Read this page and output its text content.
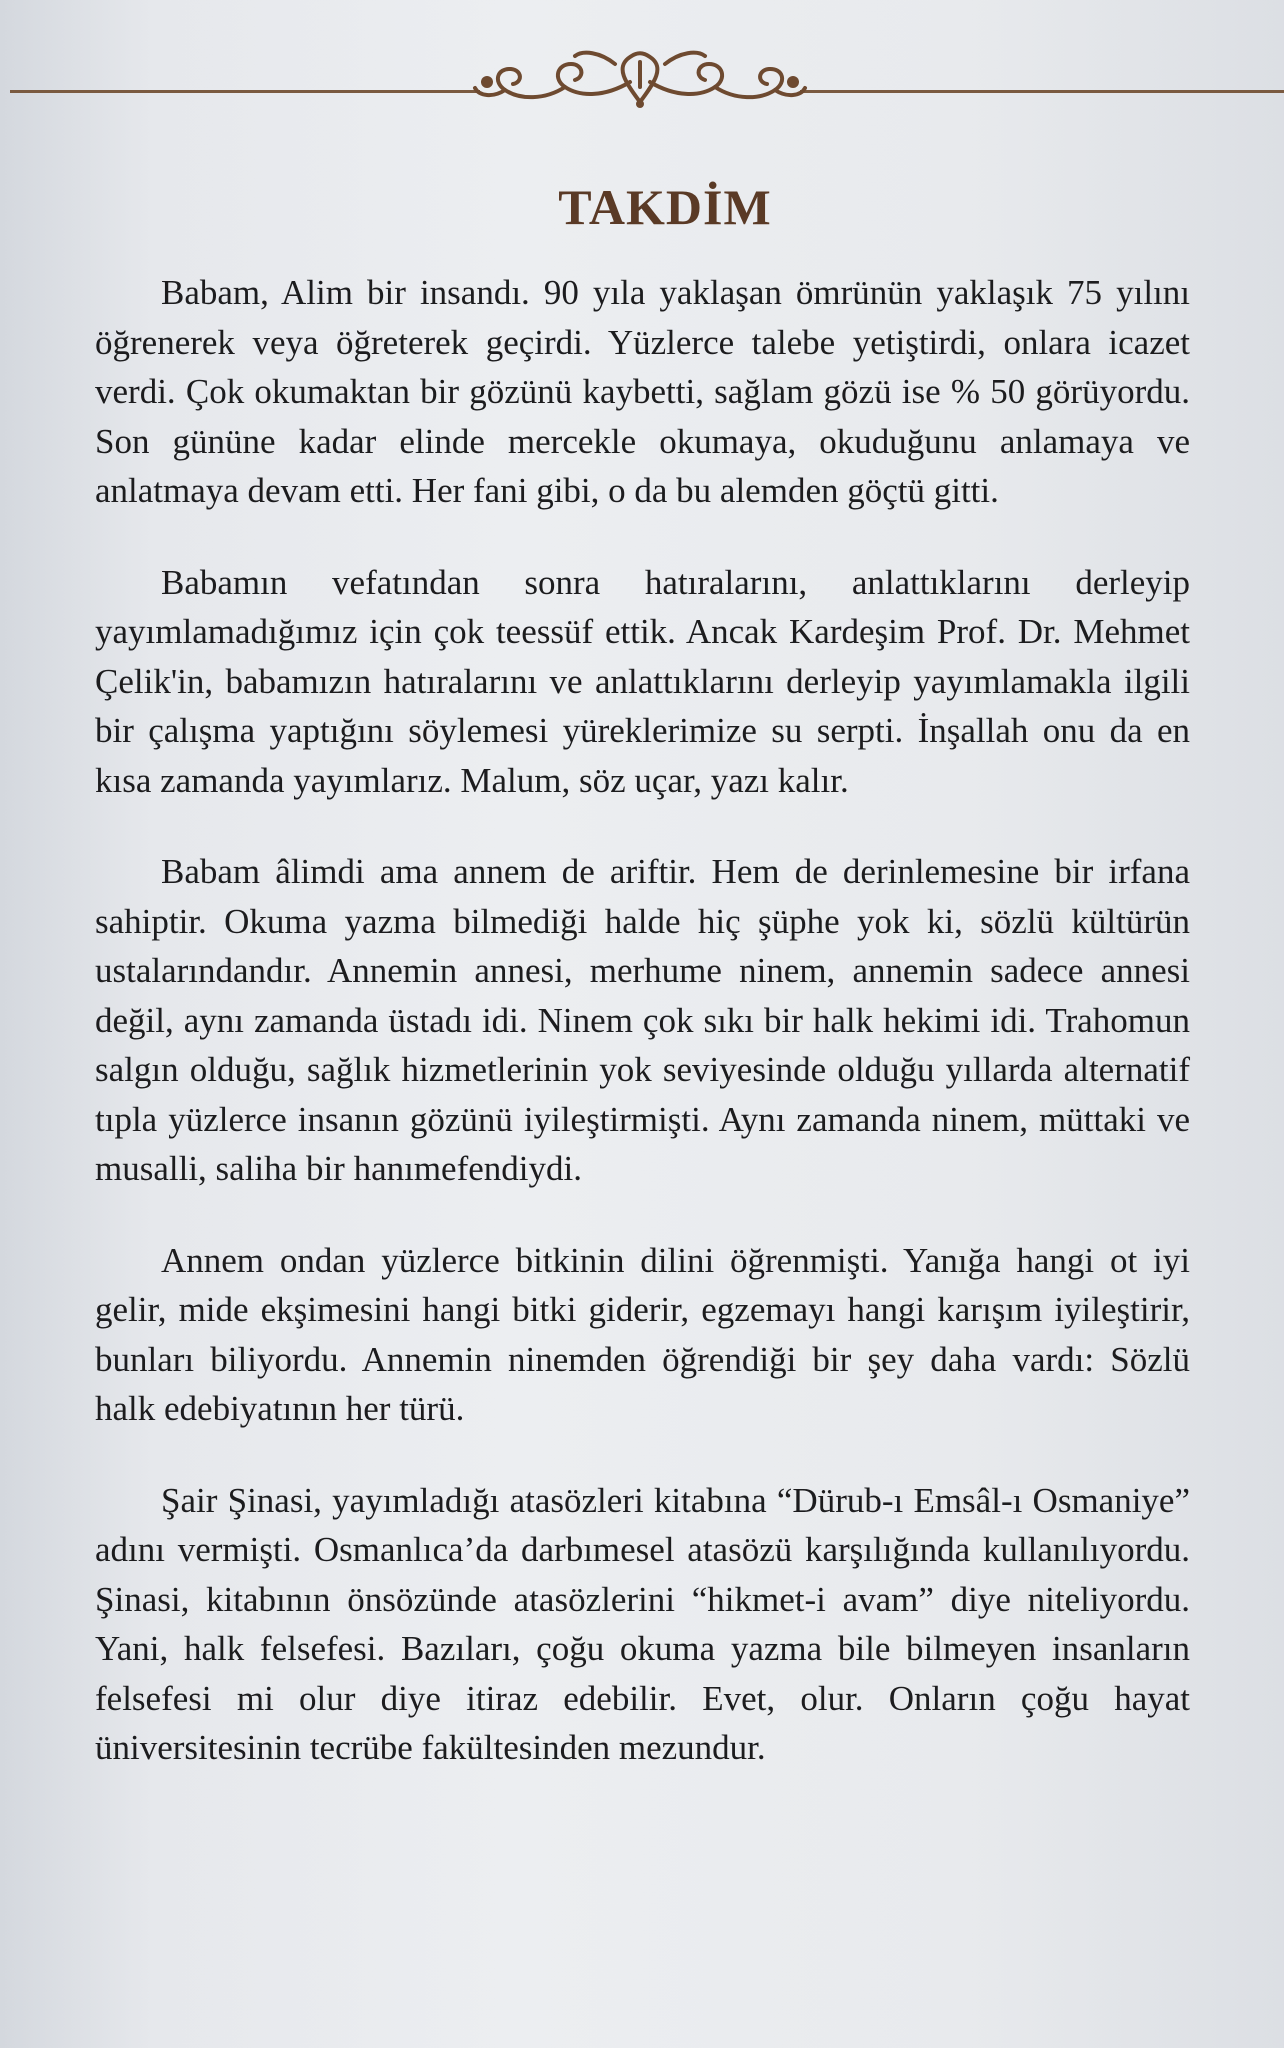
TAKDİM

Babam, Alim bir insandı. 90 yıla yaklaşan ömrünün yaklaşık 75 yılını öğrenerek veya öğreterek geçirdi. Yüzlerce talebe yetiştirdi, onlara icazet verdi. Çok okumaktan bir gözünü kaybetti, sağlam gözü ise % 50 görüyordu. Son gününe kadar elinde mercekle okumaya, okuduğunu anlamaya ve anlatmaya devam etti. Her fani gibi, o da bu alemden göçtü gitti.

Babamın vefatından sonra hatıralarını, anlattıklarını derleyip yayımlamadığımız için çok teessüf ettik. Ancak Kardeşim Prof. Dr. Mehmet Çelik'in, babamızın hatıralarını ve anlattıklarını derleyip yayımlamakla ilgili bir çalışma yaptığını söylemesi yüreklerimize su serpti. İnşallah onu da en kısa zamanda yayımlarız. Malum, söz uçar, yazı kalır.

Babam âlimdi ama annem de ariftir. Hem de derinlemesine bir irfana sahiptir. Okuma yazma bilmediği halde hiç şüphe yok ki, sözlü kültürün ustalarındandır. Annemin annesi, merhume ninem, annemin sadece annesi değil, aynı zamanda üstadı idi. Ninem çok sıkı bir halk hekimi idi. Trahomun salgın olduğu, sağlık hizmetlerinin yok seviyesinde olduğu yıllarda alternatif tıpla yüzlerce insanın gözünü iyileştirmişti. Aynı zamanda ninem, müttaki ve musalli, saliha bir hanımefendiydi.

Annem ondan yüzlerce bitkinin dilini öğrenmişti. Yanığa hangi ot iyi gelir, mide ekşimesini hangi bitki giderir, egzemayı hangi karışım iyileştirir, bunları biliyordu. Annemin ninemden öğrendiği bir şey daha vardı: Sözlü halk edebiyatının her türü.

Şair Şinasi, yayımladığı atasözleri kitabına “Dürub-ı Emsâl-ı Osmaniye” adını vermişti. Osmanlıca’da darbımesel atasözü karşılığında kullanılıyordu. Şinasi, kitabının önsözünde atasözlerini “hikmet-i avam” diye niteliyordu. Yani, halk felsefesi. Bazıları, çoğu okuma yazma bile bilmeyen insanların felsefesi mi olur diye itiraz edebilir. Evet, olur. Onların çoğu hayat üniversitesinin tecrübe fakültesinden mezundur.
